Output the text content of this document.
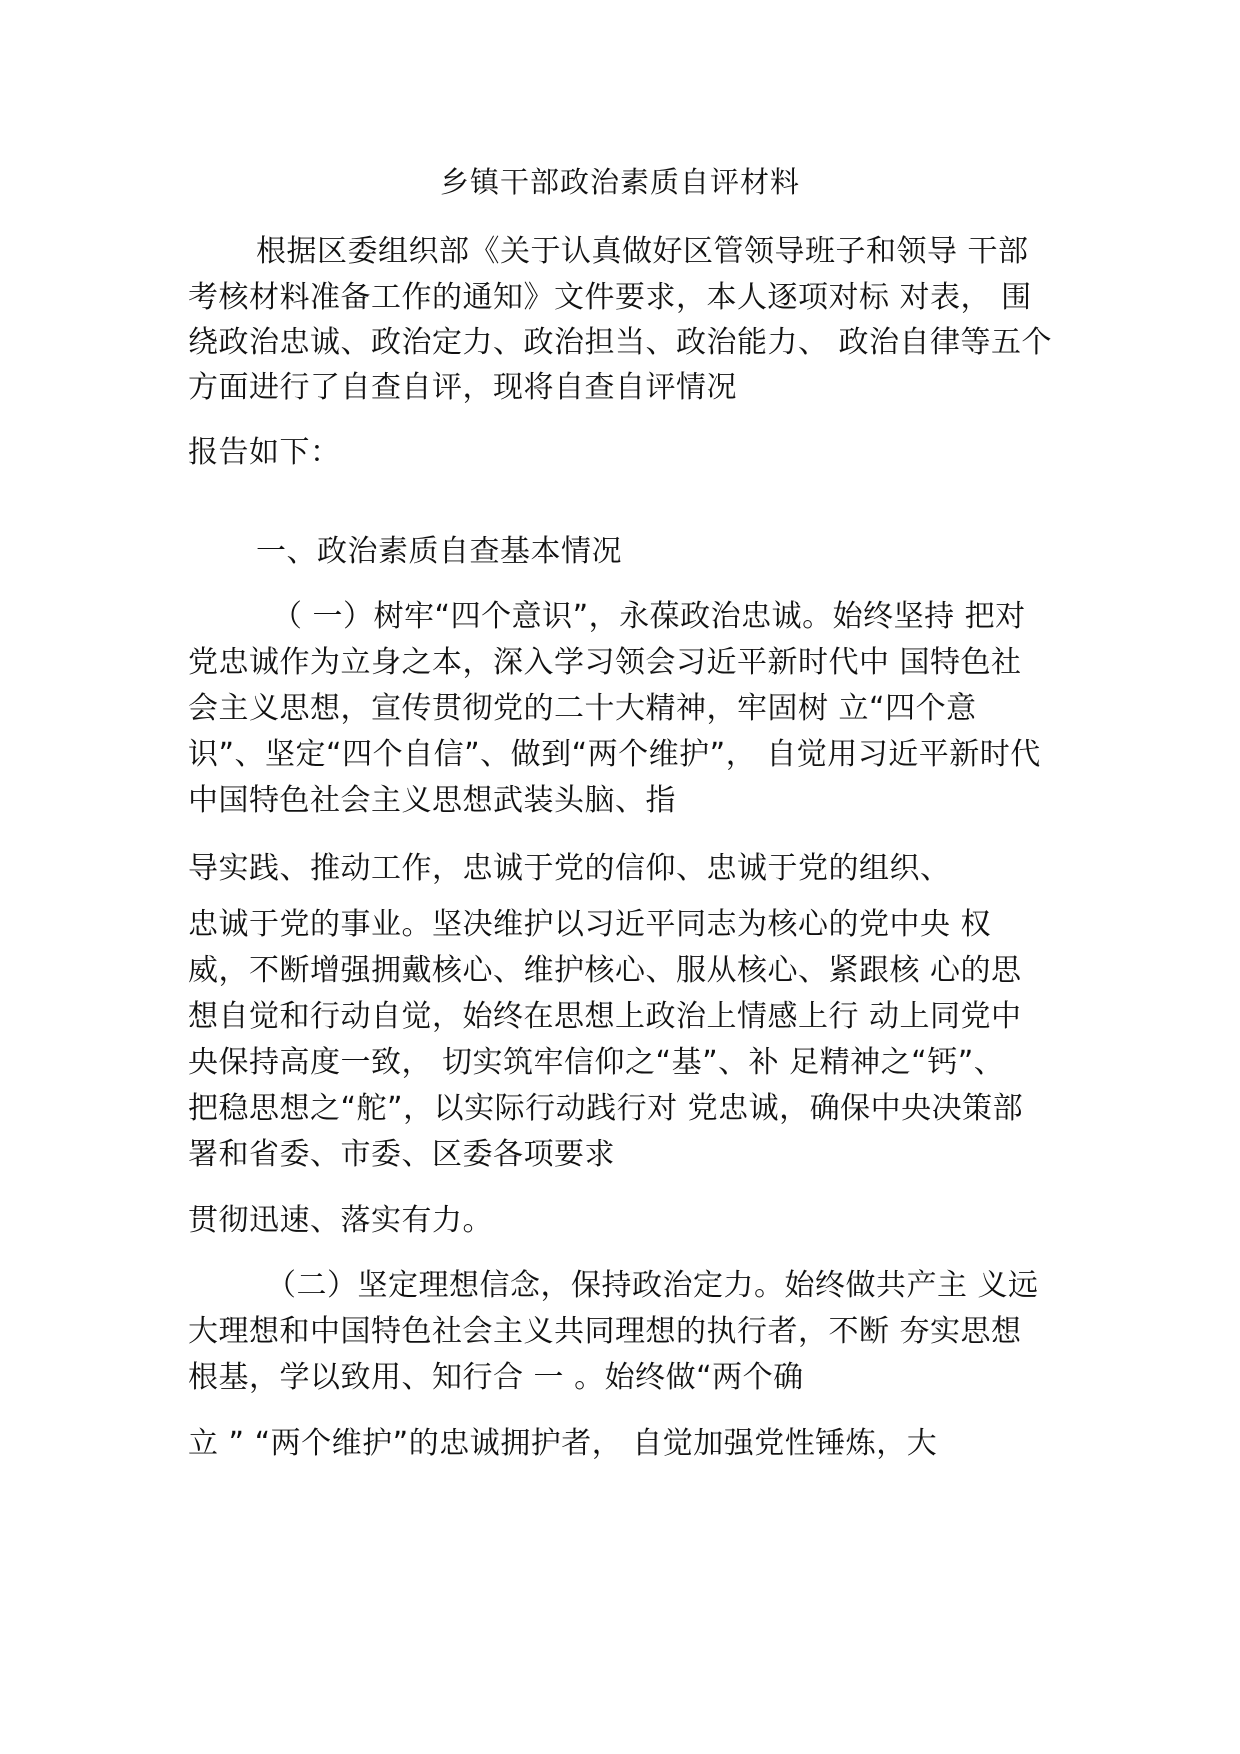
乡镇干部政治素质自评材料
根据区委组织部《关于认真做好区管领导班子和领导 干部
考核材料准备工作的通知》文件要求，本人逐项对标 对表， 围
绕政治忠诚、政治定力、政治担当、政治能力、 政治自律等五个
方面进行了自查自评，现将自查自评情况
报告如下：
一、政治素质自查基本情况
（ 一）树牢“四个意识”，永葆政治忠诚。始终坚持 把对
党忠诚作为立身之本，深入学习领会习近平新时代中 国特色社
会主义思想，宣传贯彻党的二十大精神，牢固树 立“四个意
识”、坚定“四个自信”、做到“两个维护”， 自觉用习近平新时代
中国特色社会主义思想武装头脑、指
导实践、推动工作，忠诚于党的信仰、忠诚于党的组织、
忠诚于党的事业。坚决维护以习近平同志为核心的党中央 权
威，不断增强拥戴核心、维护核心、服从核心、紧跟核 心的思
想自觉和行动自觉，始终在思想上政治上情感上行 动上同党中
央保持高度一致， 切实筑牢信仰之“基”、补 足精神之“钙”、
把稳思想之“舵”，以实际行动践行对 党忠诚，确保中央决策部
署和省委、市委、区委各项要求
贯彻迅速、落实有力。
（二）坚定理想信念，保持政治定力。始终做共产主 义远
大理想和中国特色社会主义共同理想的执行者，不断 夯实思想
根基，学以致用、知行合 一 。始终做“两个确
立 ” “两个维护”的忠诚拥护者， 自觉加强党性锤炼，大
